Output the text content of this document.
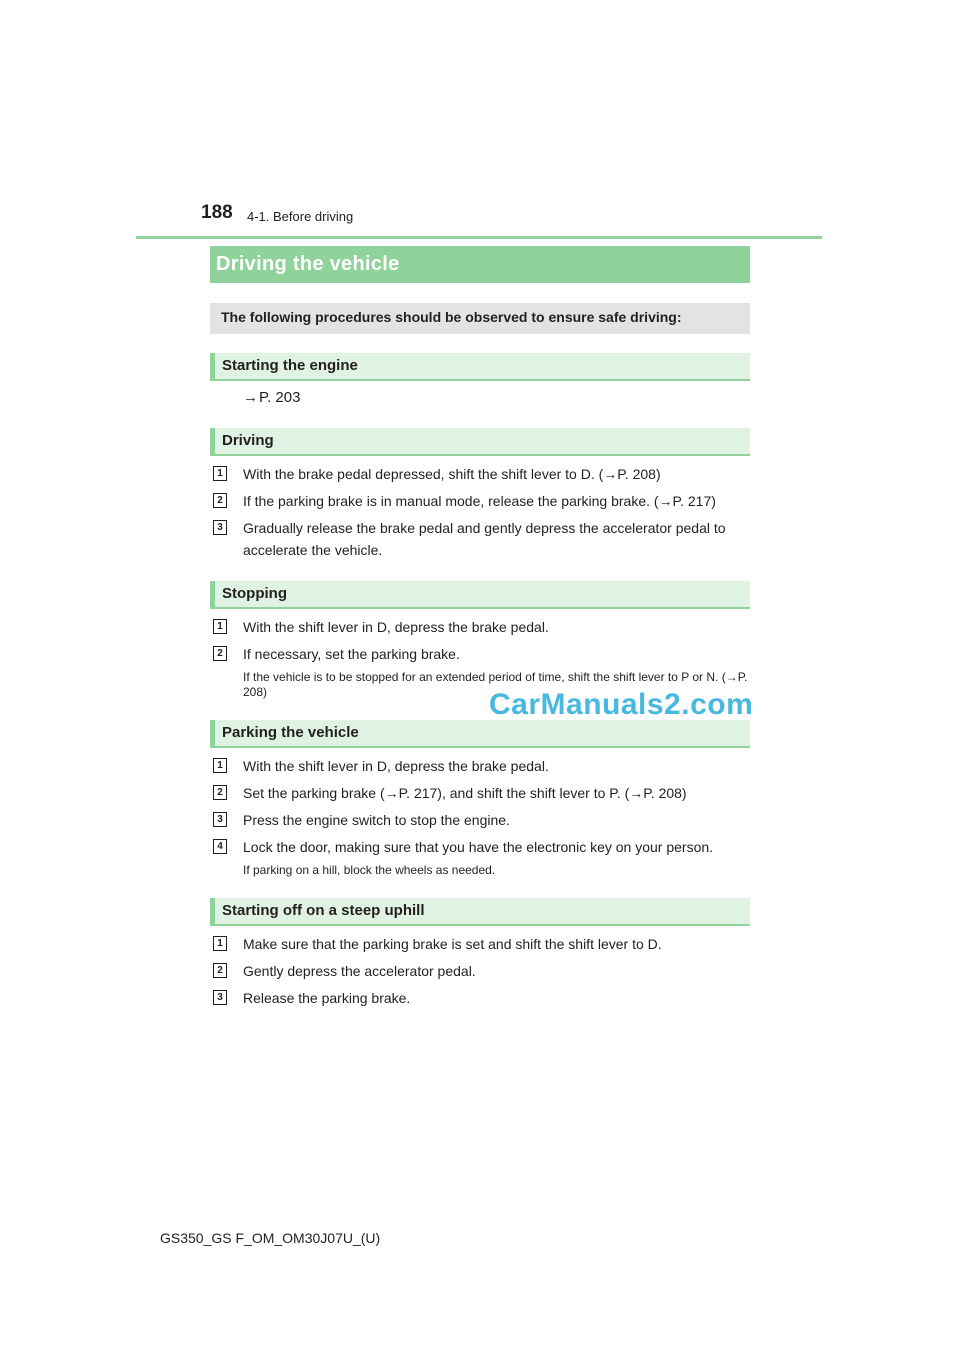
188 4-1. Before driving
Driving the vehicle
The following procedures should be observed to ensure safe driving:
Starting the engine
→P. 203
Driving
1	With the brake pedal depressed, shift the shift lever to D. (→P. 208)
2	If the parking brake is in manual mode, release the parking brake. (→P. 217)
3	Gradually release the brake pedal and gently depress the accelerator pedal to accelerate the vehicle.
Stopping
1	With the shift lever in D, depress the brake pedal.
2	If necessary, set the parking brake.
If the vehicle is to be stopped for an extended period of time, shift the shift lever to P or N. (→P. 208)
Parking the vehicle
1	With the shift lever in D, depress the brake pedal.
2	Set the parking brake (→P. 217), and shift the shift lever to P. (→P. 208)
3	Press the engine switch to stop the engine.
4	Lock the door, making sure that you have the electronic key on your person.
If parking on a hill, block the wheels as needed.
Starting off on a steep uphill
1	Make sure that the parking brake is set and shift the shift lever to D.
2	Gently depress the accelerator pedal.
3	Release the parking brake.
CarManuals2.com
GS350_GS F_OM_OM30J07U_(U)
